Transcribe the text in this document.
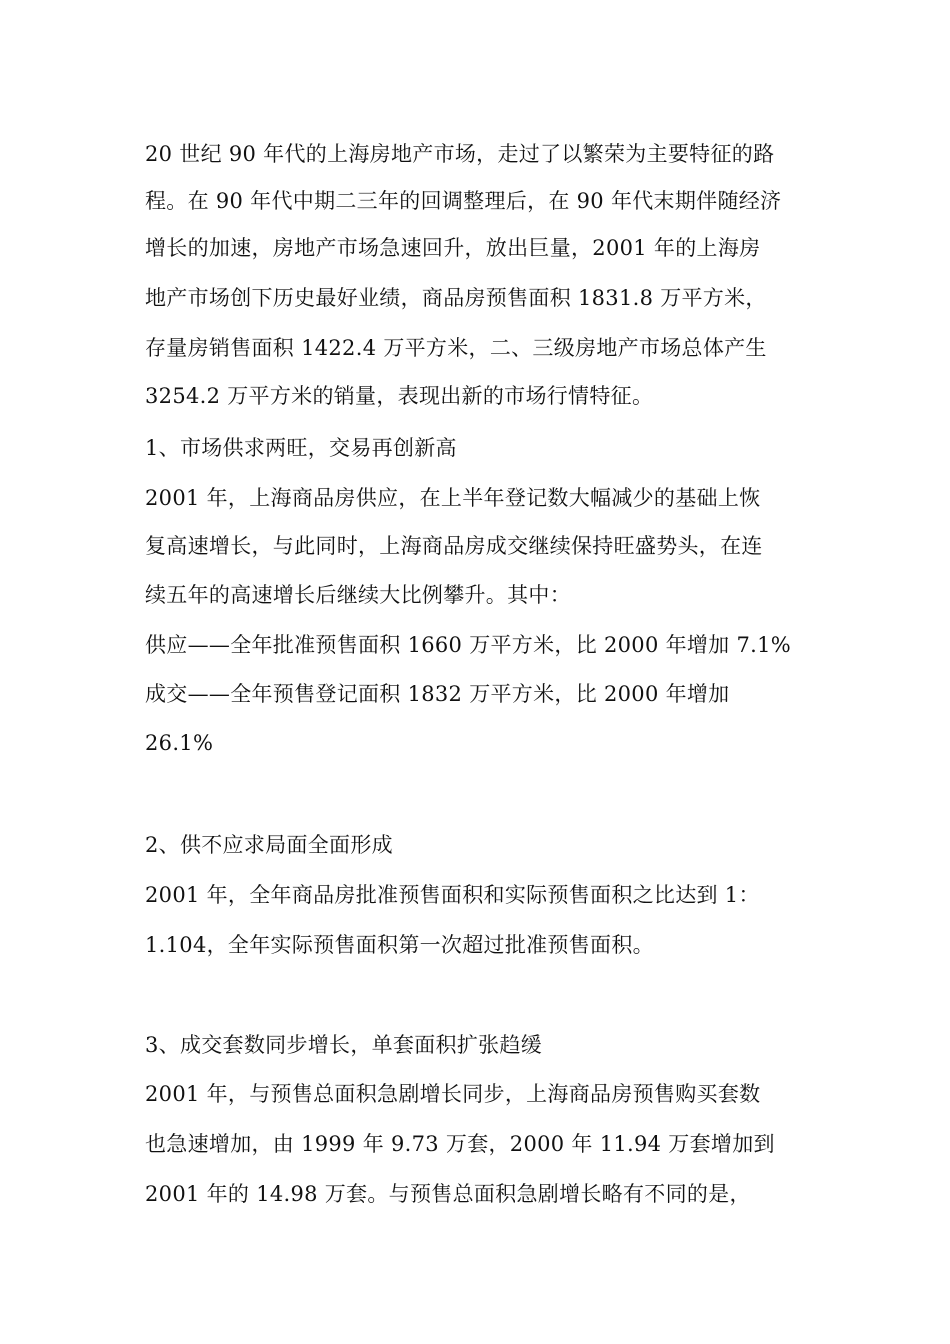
20 世纪 90 年代的上海房地产市场，走过了以繁荣为主要特征的路
程。在 90 年代中期二三年的回调整理后，在 90 年代末期伴随经济
增长的加速，房地产市场急速回升，放出巨量，2001 年的上海房
地产市场创下历史最好业绩，商品房预售面积 1831.8 万平方米，
存量房销售面积 1422.4 万平方米，二、三级房地产市场总体产生
3254.2 万平方米的销量，表现出新的市场行情特征。
1、市场供求两旺，交易再创新高
2001 年，上海商品房供应，在上半年登记数大幅减少的基础上恢
复高速增长，与此同时，上海商品房成交继续保持旺盛势头，在连
续五年的高速增长后继续大比例攀升。其中：
供应——全年批准预售面积 1660 万平方米，比 2000 年增加 7.1%
成交——全年预售登记面积 1832 万平方米，比 2000 年增加
26.1%
2、供不应求局面全面形成
2001 年，全年商品房批准预售面积和实际预售面积之比达到 1：
1.104，全年实际预售面积第一次超过批准预售面积。
3、成交套数同步增长，单套面积扩张趋缓
2001 年，与预售总面积急剧增长同步，上海商品房预售购买套数
也急速增加，由 1999 年 9.73 万套，2000 年 11.94 万套增加到
2001 年的 14.98 万套。与预售总面积急剧增长略有不同的是，
